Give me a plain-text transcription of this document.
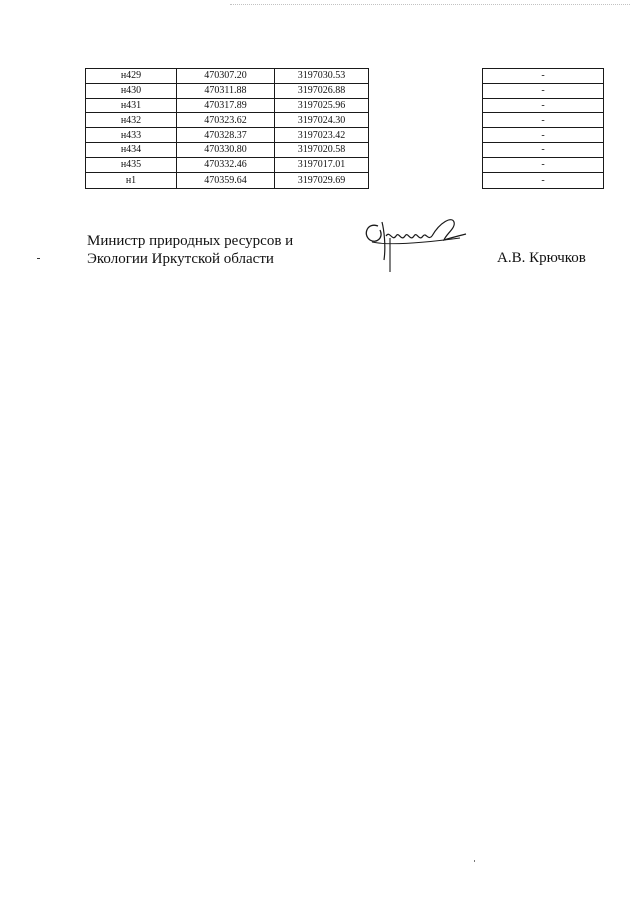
н429	470307.20	3197030.53		-
н430	470311.88	3197026.88		-
н431	470317.89	3197025.96		-
н432	470323.62	3197024.30		-
н433	470328.37	3197023.42		-
н434	470330.80	3197020.58		-
н435	470332.46	3197017.01		-
н1	470359.64	3197029.69		-
Министр природных ресурсов и
Экологии Иркутской области	А.В. Крючков
